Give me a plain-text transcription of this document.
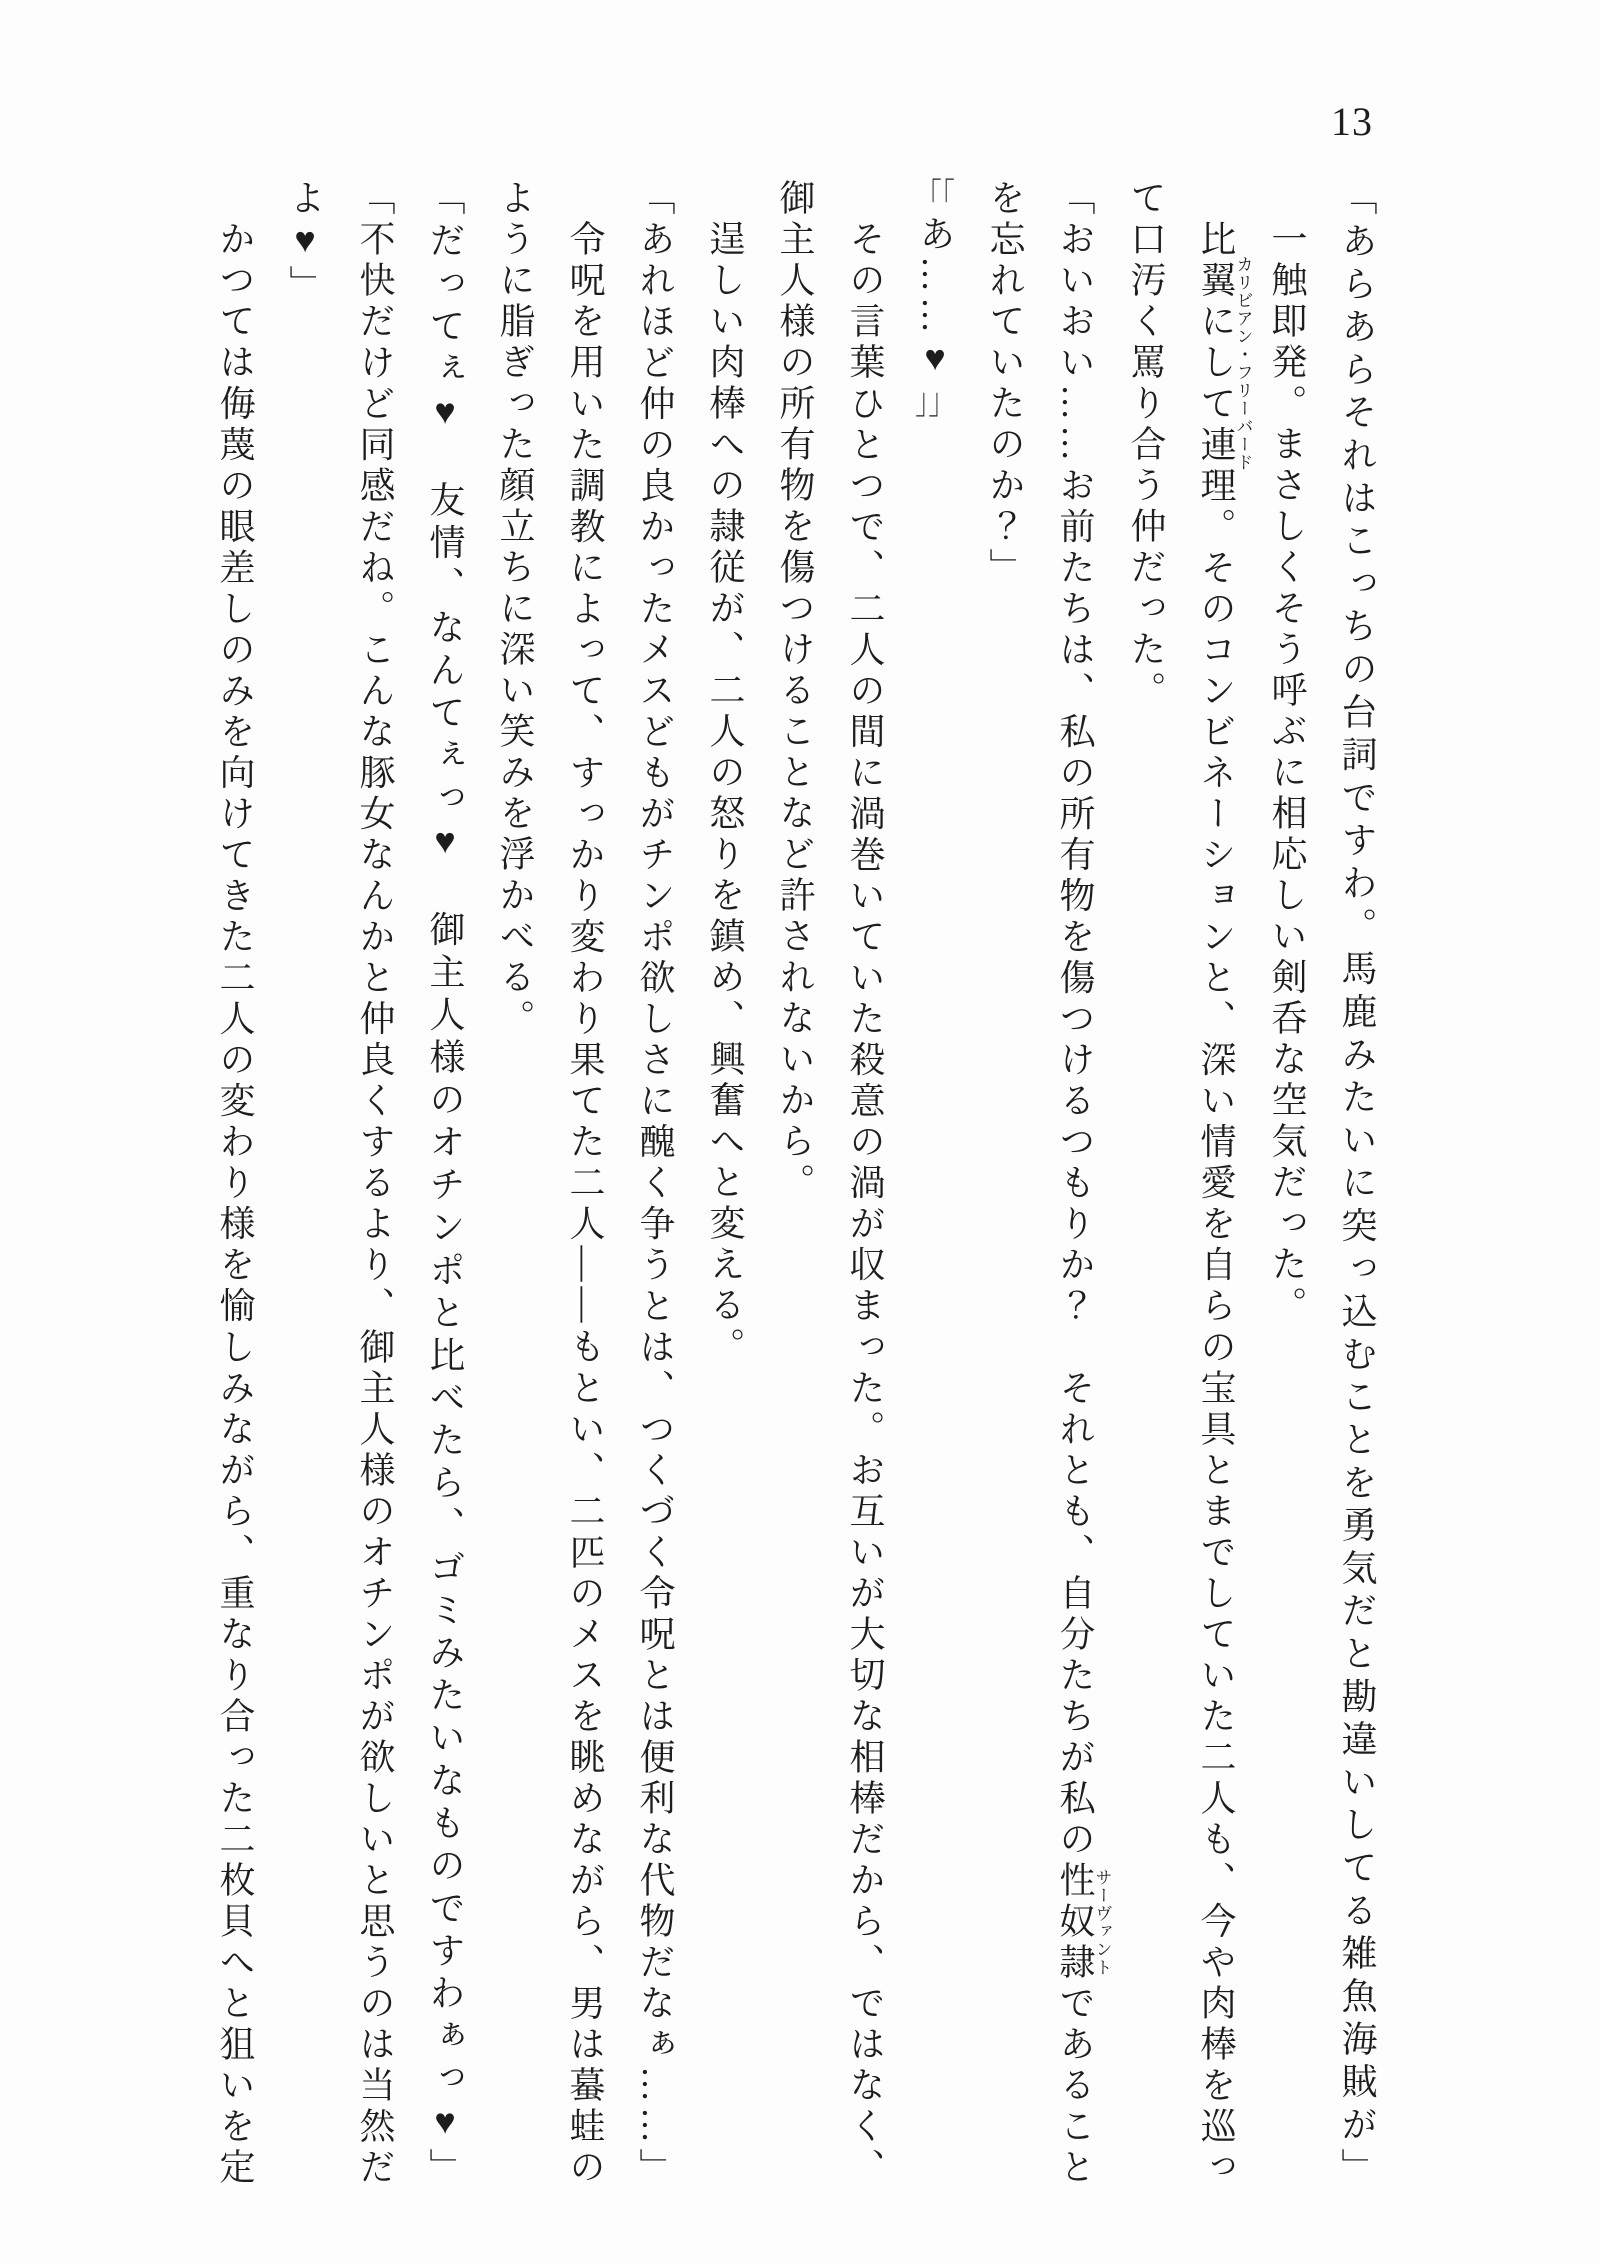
13

「あらあらそれはこっちの台詞ですわ。馬鹿みたいに突っ込むことを勇気だと勘違いしてる雑魚海賊が」

一触即発。まさしくそう呼ぶに相応しい剣呑な空気だった。

比翼にして連理カリビアン・フリーバード。そのコンビネーションと、深い情愛を自らの宝具とまでしていた二人も、今や肉棒を巡っ

て口汚く罵り合う仲だった。

「おいおい……お前たちは、私の所有物を傷つけるつもりか？　それとも、自分たちが私の性奴隷サーヴァントであること

を忘れていたのか？」

「「あ……♥」」

その言葉ひとつで、二人の間に渦巻いていた殺意の渦が収まった。お互いが大切な相棒だから、ではなく、

御主人様の所有物を傷つけることなど許されないから。

逞しい肉棒への隷従が、二人の怒りを鎮め、興奮へと変える。

「あれほど仲の良かったメスどもがチンポ欲しさに醜く争うとは、つくづく令呪とは便利な代物だなぁ……」

令呪を用いた調教によって、すっかり変わり果てた二人――もとい、二匹のメスを眺めながら、男は蟇蛙の

ように脂ぎった顔立ちに深い笑みを浮かべる。

「だってぇ♥　友情、なんてぇっ♥　御主人様のオチンポと比べたら、ゴミみたいなものですわぁっ♥」

「不快だけど同感だね。こんな豚女なんかと仲良くするより、御主人様のオチンポが欲しいと思うのは当然だ

よ♥」

かつては侮蔑の眼差しのみを向けてきた二人の変わり様を愉しみながら、重なり合った二枚貝へと狙いを定
